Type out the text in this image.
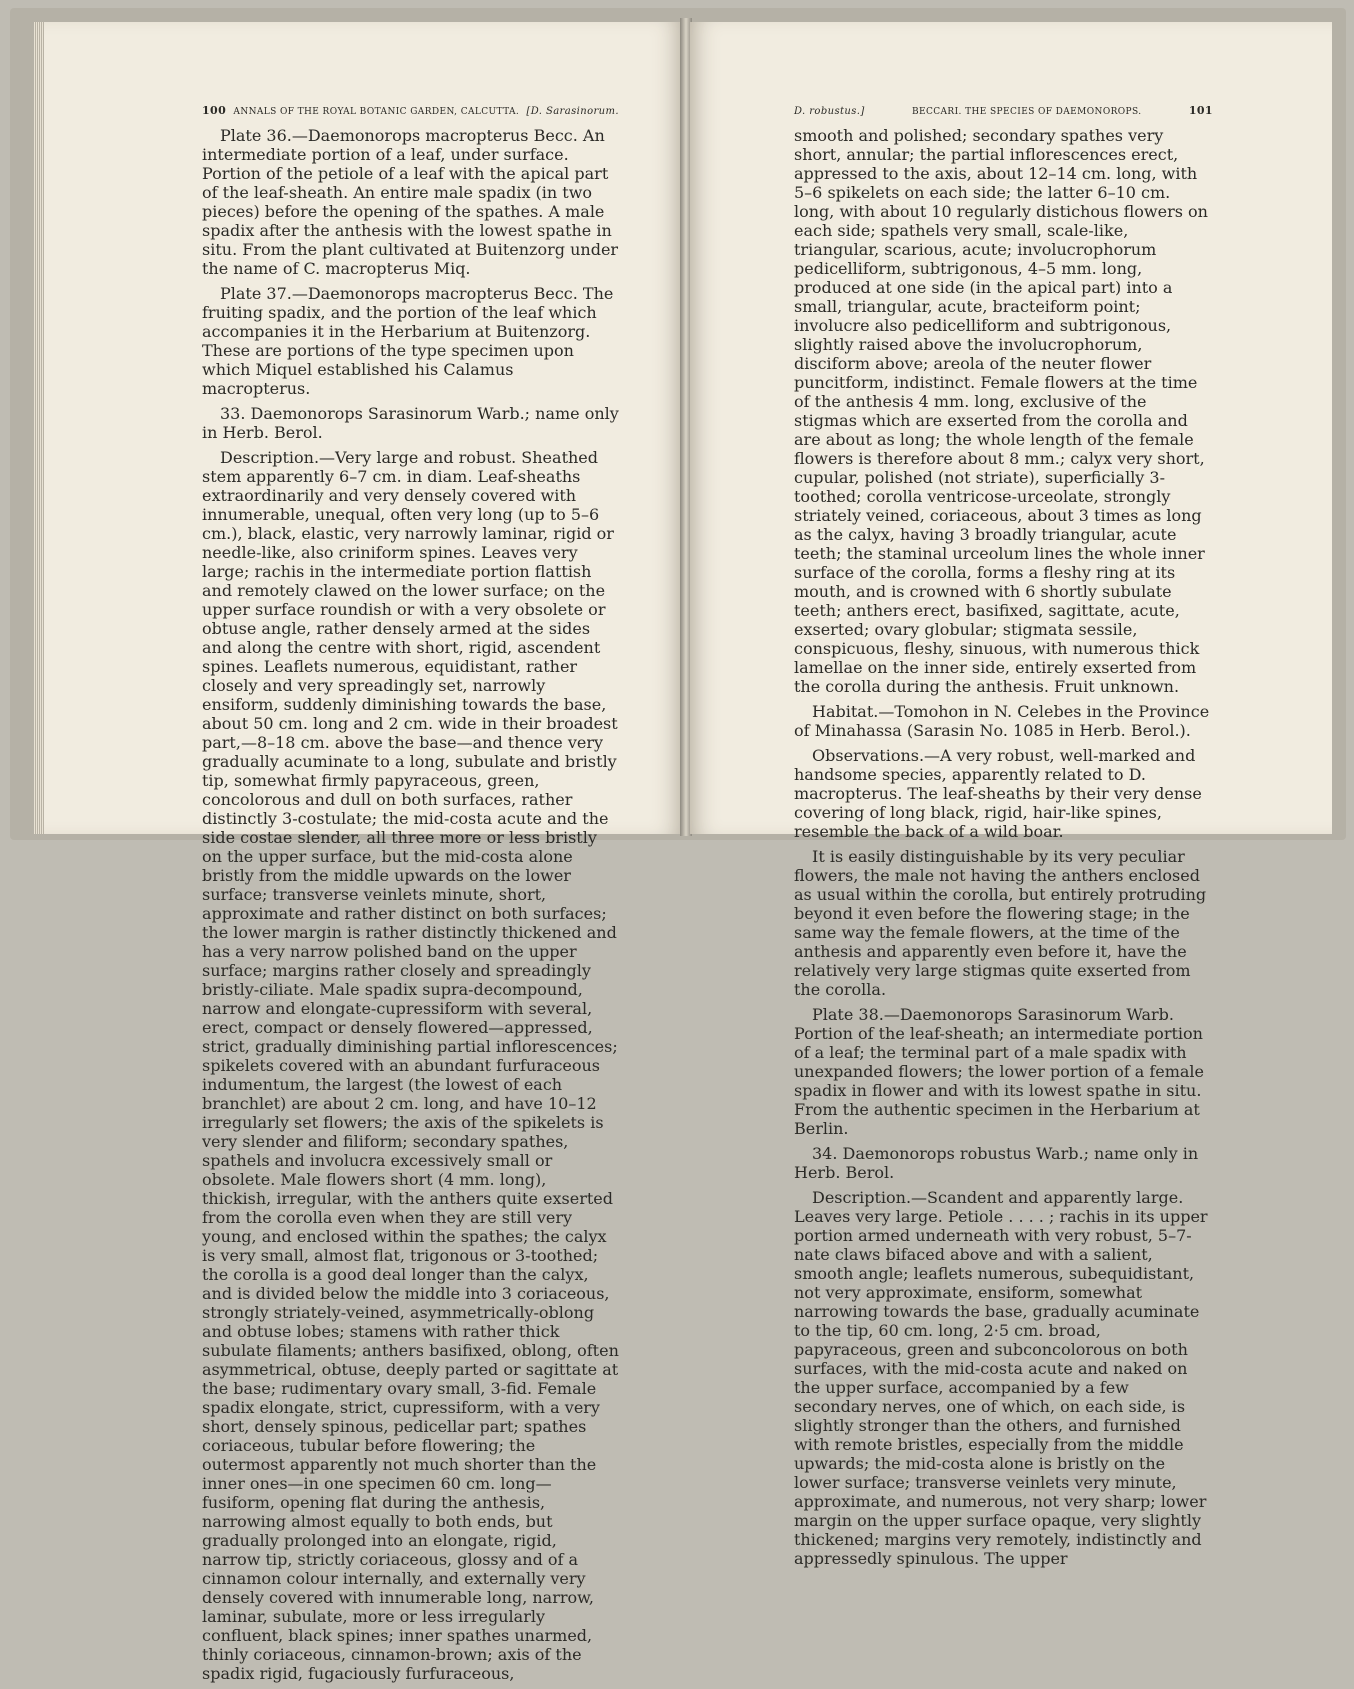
100 ANNALS OF THE ROYAL BOTANIC GARDEN, CALCUTTA. [D. Sarasinorum.

Plate 36.—Daemonorops macropterus Becc. An intermediate portion of a leaf, under surface. Portion of the petiole of a leaf with the apical part of the leaf-sheath. An entire male spadix (in two pieces) before the opening of the spathes. A male spadix after the anthesis with the lowest spathe in situ. From the plant cultivated at Buitenzorg under the name of C. macropterus Miq.

Plate 37.—Daemonorops macropterus Becc. The fruiting spadix, and the portion of the leaf which accompanies it in the Herbarium at Buitenzorg. These are portions of the type specimen upon which Miquel established his Calamus macropterus.

33. Daemonorops Sarasinorum Warb.; name only in Herb. Berol.

Description.—Very large and robust. Sheathed stem apparently 6–7 cm. in diam. Leaf-sheaths extraordinarily and very densely covered with innumerable, unequal, often very long (up to 5–6 cm.), black, elastic, very narrowly laminar, rigid or needle-like, also criniform spines. Leaves very large; rachis in the intermediate portion flattish and remotely clawed on the lower surface; on the upper surface roundish or with a very obsolete or obtuse angle, rather densely armed at the sides and along the centre with short, rigid, ascendent spines. Leaflets numerous, equidistant, rather closely and very spreadingly set, narrowly ensiform, suddenly diminishing towards the base, about 50 cm. long and 2 cm. wide in their broadest part,—8–18 cm. above the base—and thence very gradually acuminate to a long, subulate and bristly tip, somewhat firmly papyraceous, green, concolorous and dull on both surfaces, rather distinctly 3-costulate; the mid-costa acute and the side costae slender, all three more or less bristly on the upper surface, but the mid-costa alone bristly from the middle upwards on the lower surface; transverse veinlets minute, short, approximate and rather distinct on both surfaces; the lower margin is rather distinctly thickened and has a very narrow polished band on the upper surface; margins rather closely and spreadingly bristly-ciliate. Male spadix supra-decompound, narrow and elongate-cupressiform with several, erect, compact or densely flowered—appressed, strict, gradually diminishing partial inflorescences; spikelets covered with an abundant furfuraceous indumentum, the largest (the lowest of each branchlet) are about 2 cm. long, and have 10–12 irregularly set flowers; the axis of the spikelets is very slender and filiform; secondary spathes, spathels and involucra excessively small or obsolete. Male flowers short (4 mm. long), thickish, irregular, with the anthers quite exserted from the corolla even when they are still very young, and enclosed within the spathes; the calyx is very small, almost flat, trigonous or 3-toothed; the corolla is a good deal longer than the calyx, and is divided below the middle into 3 coriaceous, strongly striately-veined, asymmetrically-oblong and obtuse lobes; stamens with rather thick subulate filaments; anthers basifixed, oblong, often asymmetrical, obtuse, deeply parted or sagittate at the base; rudimentary ovary small, 3-fid. Female spadix elongate, strict, cupressiform, with a very short, densely spinous, pedicellar part; spathes coriaceous, tubular before flowering; the outermost apparently not much shorter than the inner ones—in one specimen 60 cm. long—fusiform, opening flat during the anthesis, narrowing almost equally to both ends, but gradually prolonged into an elongate, rigid, narrow tip, strictly coriaceous, glossy and of a cinnamon colour internally, and externally very densely covered with innumerable long, narrow, laminar, subulate, more or less irregularly confluent, black spines; inner spathes unarmed, thinly coriaceous, cinnamon-brown; axis of the spadix rigid, fugaciously furfuraceous,

D. robustus.]	BECCARI. THE SPECIES OF DAEMONOROPS.	101

smooth and polished; secondary spathes very short, annular; the partial inflorescences erect, appressed to the axis, about 12–14 cm. long, with 5–6 spikelets on each side; the latter 6–10 cm. long, with about 10 regularly distichous flowers on each side; spathels very small, scale-like, triangular, scarious, acute; involucrophorum pedicelliform, subtrigonous, 4–5 mm. long, produced at one side (in the apical part) into a small, triangular, acute, bracteiform point; involucre also pedicelliform and subtrigonous, slightly raised above the involucrophorum, disciform above; areola of the neuter flower puncitform, indistinct. Female flowers at the time of the anthesis 4 mm. long, exclusive of the stigmas which are exserted from the corolla and are about as long; the whole length of the female flowers is therefore about 8 mm.; calyx very short, cupular, polished (not striate), superficially 3-toothed; corolla ventricose-urceolate, strongly striately veined, coriaceous, about 3 times as long as the calyx, having 3 broadly triangular, acute teeth; the staminal urceolum lines the whole inner surface of the corolla, forms a fleshy ring at its mouth, and is crowned with 6 shortly subulate teeth; anthers erect, basifixed, sagittate, acute, exserted; ovary globular; stigmata sessile, conspicuous, fleshy, sinuous, with numerous thick lamellae on the inner side, entirely exserted from the corolla during the anthesis. Fruit unknown.

Habitat.—Tomohon in N. Celebes in the Province of Minahassa (Sarasin No. 1085 in Herb. Berol.).

Observations.—A very robust, well-marked and handsome species, apparently related to D. macropterus. The leaf-sheaths by their very dense covering of long black, rigid, hair-like spines, resemble the back of a wild boar.

It is easily distinguishable by its very peculiar flowers, the male not having the anthers enclosed as usual within the corolla, but entirely protruding beyond it even before the flowering stage; in the same way the female flowers, at the time of the anthesis and apparently even before it, have the relatively very large stigmas quite exserted from the corolla.

Plate 38.—Daemonorops Sarasinorum Warb. Portion of the leaf-sheath; an intermediate portion of a leaf; the terminal part of a male spadix with unexpanded flowers; the lower portion of a female spadix in flower and with its lowest spathe in situ. From the authentic specimen in the Herbarium at Berlin.

34. Daemonorops robustus Warb.; name only in Herb. Berol.

Description.—Scandent and apparently large. Leaves very large. Petiole . . . . ; rachis in its upper portion armed underneath with very robust, 5–7-nate claws bifaced above and with a salient, smooth angle; leaflets numerous, subequidistant, not very approximate, ensiform, somewhat narrowing towards the base, gradually acuminate to the tip, 60 cm. long, 2·5 cm. broad, papyraceous, green and subconcolorous on both surfaces, with the mid-costa acute and naked on the upper surface, accompanied by a few secondary nerves, one of which, on each side, is slightly stronger than the others, and furnished with remote bristles, especially from the middle upwards; the mid-costa alone is bristly on the lower surface; transverse veinlets very minute, approximate, and numerous, not very sharp; lower margin on the upper surface opaque, very slightly thickened; margins very remotely, indistinctly and appressedly spinulous. The upper
